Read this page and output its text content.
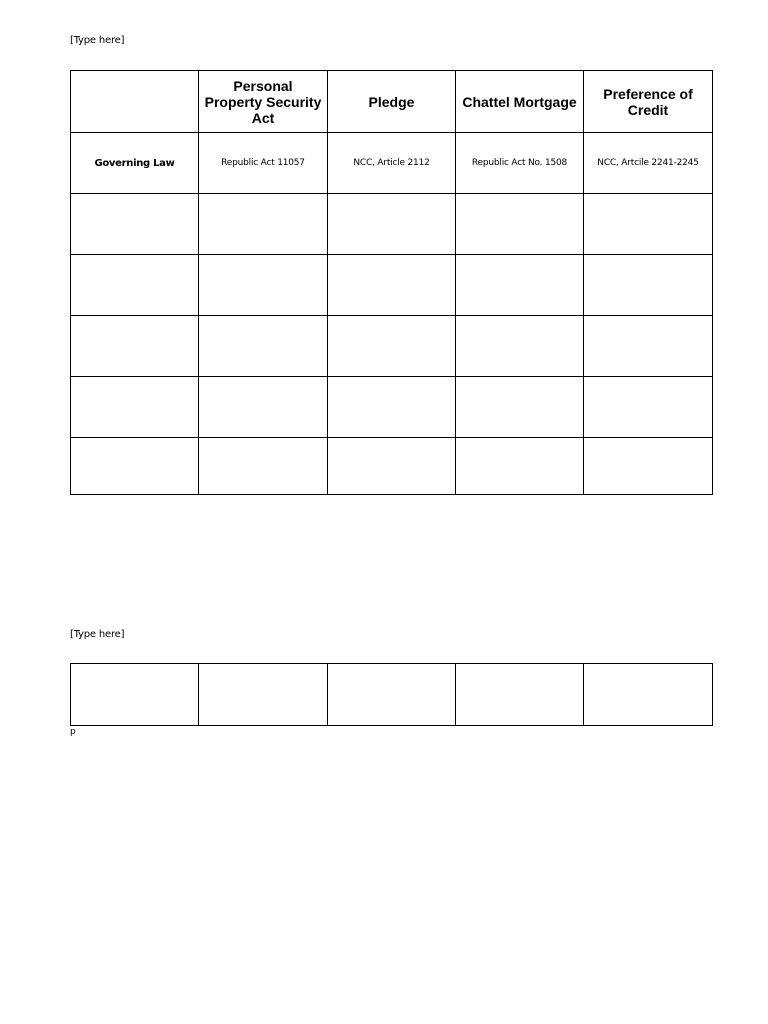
[Type here]
	Personal Property Security Act	Pledge	Chattel Mortgage	Preference of Credit
Governing Law	Republic Act 11057	NCC, Article 2112	Republic Act No. 1508	NCC, Artcile 2241-2245

[Type here]

p
